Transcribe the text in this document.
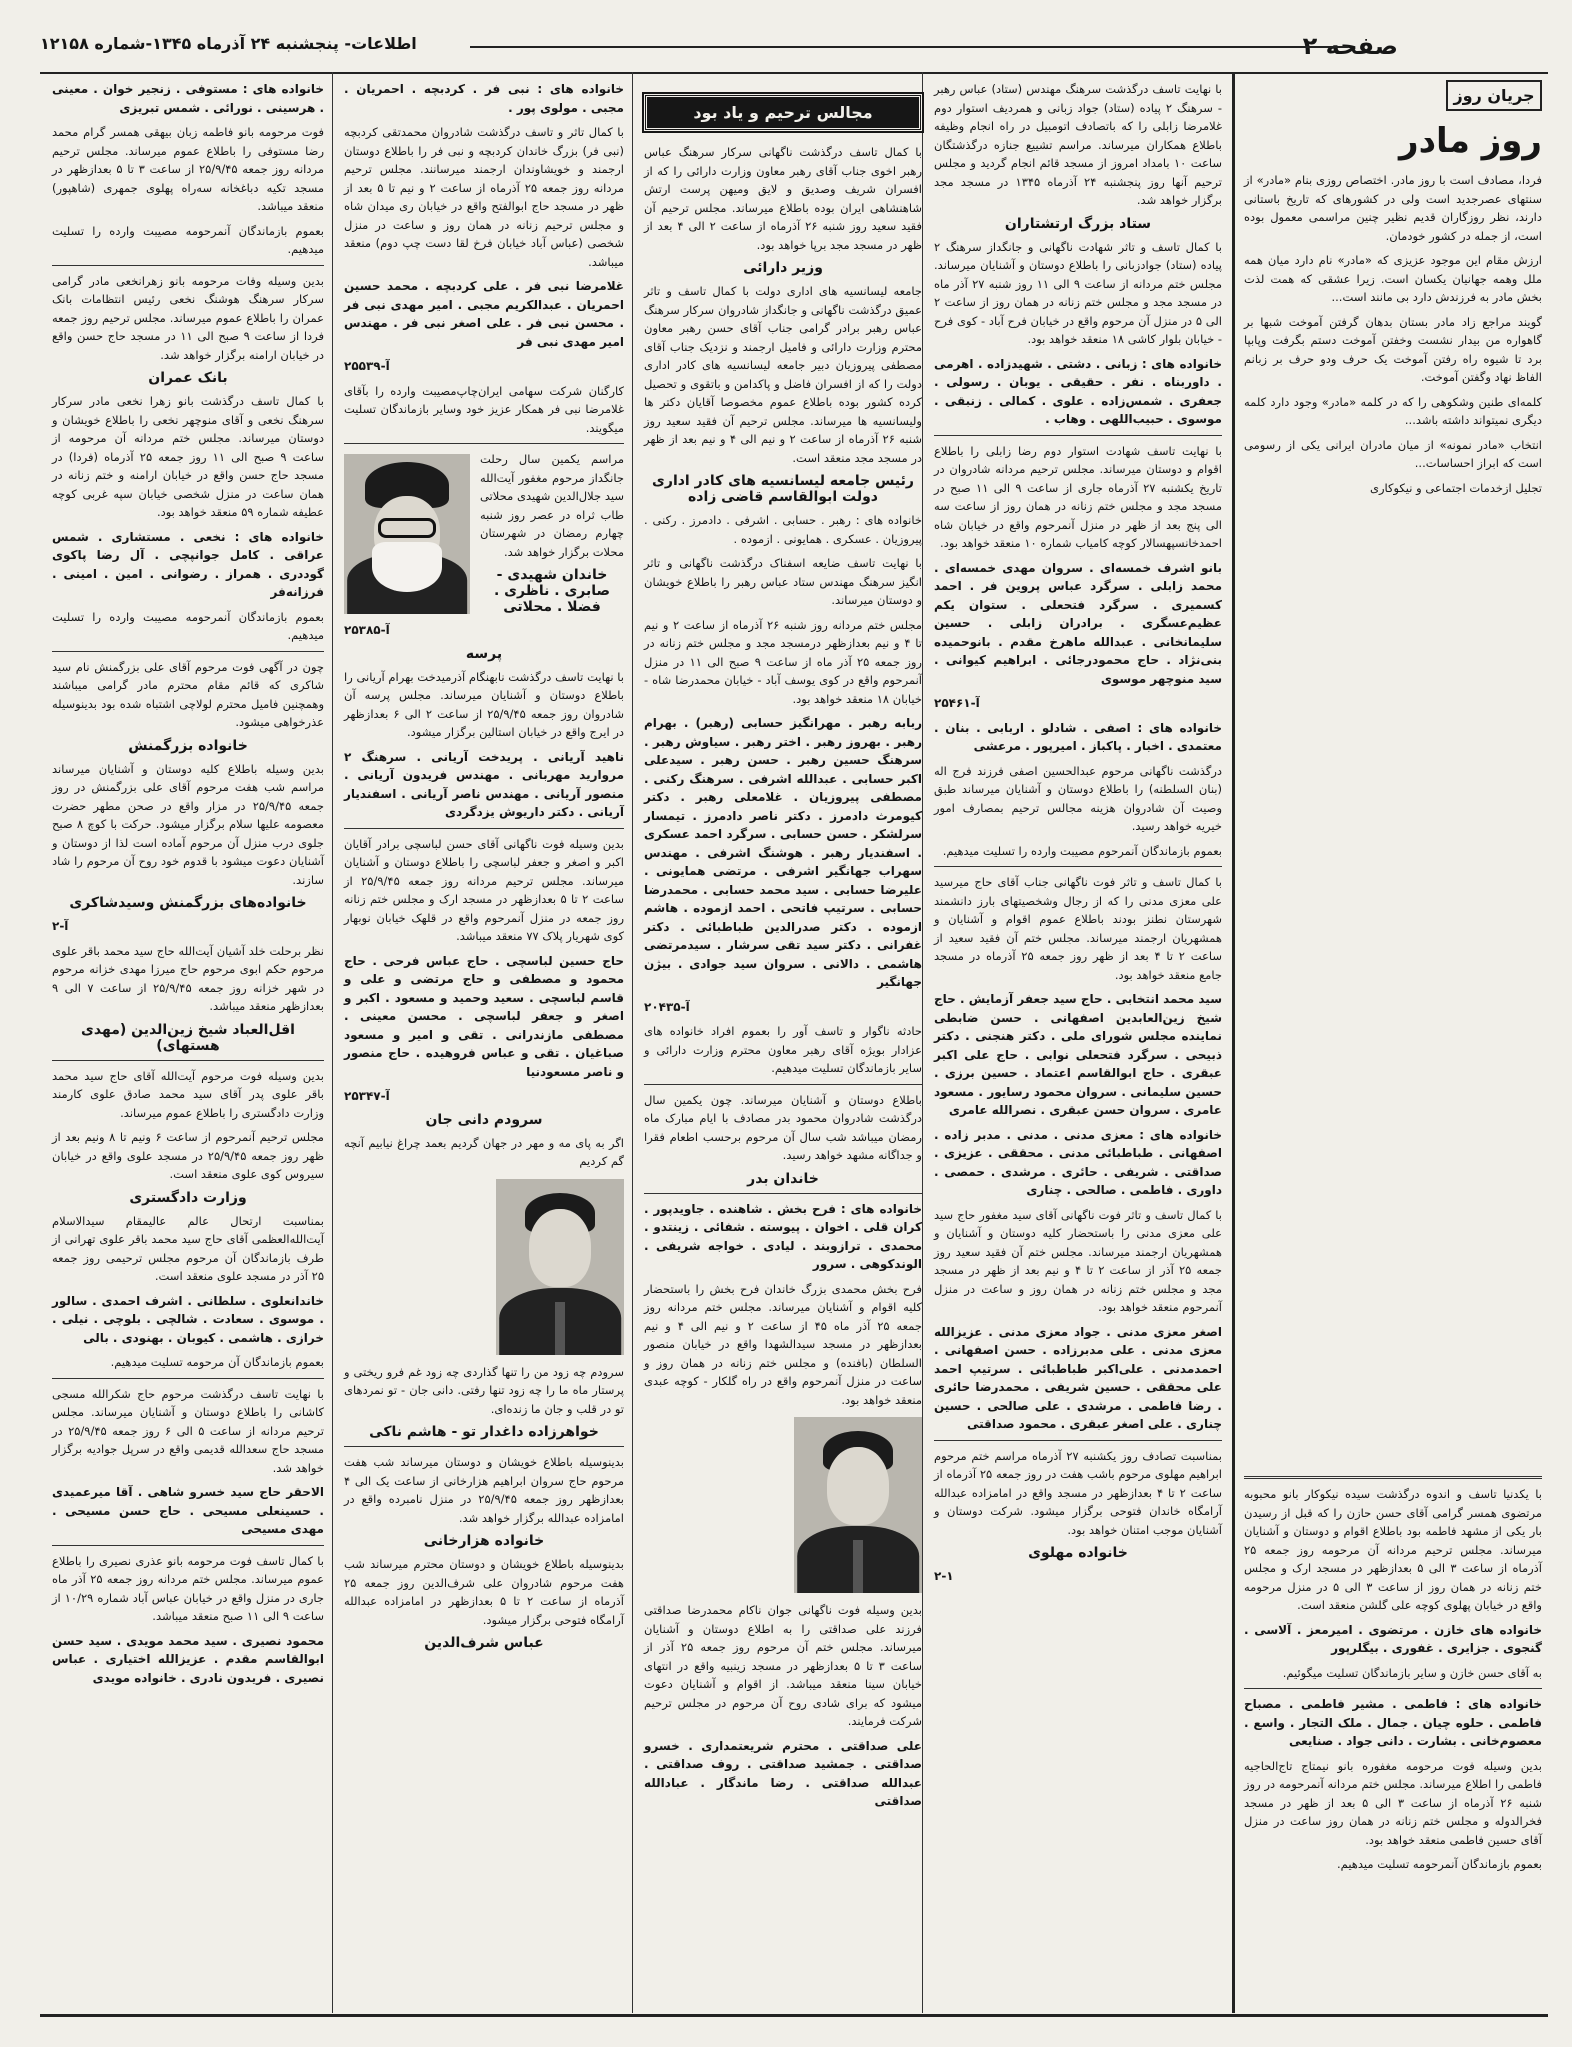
صفحه ۲
اطلاعات- پنجشنبه ۲۴ آذرماه ۱۳۴۵-شماره ۱۲۱۵۸
جریان روز
روز مادر

فردا، مصادف است با روز مادر. اختصاص روزی بنام «مادر» از سنتهای عصرجدید است ولی در کشورهای که تاریخ باستانی دارند، نظر روزگاران قدیم نظیر چنین مراسمی معمول بوده است، از جمله در کشور خودمان.

ارزش مقام این موجود عزیزی که «مادر» نام دارد میان همه ملل وهمه جهانیان یکسان است. زیرا عشقی که همت لذت بخش مادر به فرزندش دارد بی مانند است...

گویند مراجع زاد مادر بستان بدهان گرفتن آموخت شبها بر گاهواره من بیدار نشست وخفتن آموخت دستم بگرفت وپابپا برد تا شیوه راه رفتن آموخت یک حرف ودو حرف بر زبانم الفاظ نهاد وگفتن آموخت.

کلمه‌ای طنین وشکوهی را که در کلمه «مادر» وجود دارد کلمه دیگری نمیتواند داشته باشد...

انتخاب «مادر نمونه» از میان مادران ایرانی یکی از رسومی است که ابراز احساسات...

تجلیل ازخدمات اجتماعی و نیکوکاری

با یکدنیا تاسف و اندوه درگذشت سیده نیکوکار بانو محبوبه مرتضوی همسر گرامی آقای حسن حازن را که قبل از رسیدن بار یکی از مشهد فاطمه بود باطلاع اقوام و دوستان و آشنایان میرساند. مجلس ترحیم مردانه آن مرحومه روز جمعه ۲۵ آذرماه از ساعت ۳ الی ۵ بعدازظهر در مسجد ارک و مجلس ختم زنانه در همان روز از ساعت ۳ الی ۵ در منزل مرحومه واقع در خیابان پهلوی کوچه علی گلشن منعقد است.

خانواده های خازن . مرتضوی . امیرمعز . آلاسی . گنجوی . جزایری . غفوری . بیگلرپور

به آقای حسن خازن و سایر بازماندگان تسلیت میگوئیم.

خانواده های : فاطمی . مشیر فاطمی . مصباح فاطمی . حلوه چیان . جمال . ملک التجار . واسع . معصوم‌خانی . بشارت . دانی جواد . صنایعی

بدین وسیله فوت مرحومه مغفوره بانو نیمتاج تاج‌الحاجیه فاطمی را اطلاع میرساند. مجلس ختم مردانه آنمرحومه در روز شنبه ۲۶ آذرماه از ساعت ۳ الی ۵ بعد از ظهر در مسجد فخرالدوله و مجلس ختم زنانه در همان روز ساعت در منزل آقای حسین فاطمی منعقد خواهد بود.

بعموم بازماندگان آنمرحومه تسلیت میدهیم.

با نهایت تاسف درگذشت سرهنگ مهندس (ستاد) عباس رهبر - سرهنگ ۲ پیاده (ستاد) جواد زبانی و همردیف استوار دوم غلامرضا زابلی را که باتصادف اتومبیل در راه انجام وظیفه باطلاع همکاران میرساند. مراسم تشییع جنازه درگذشتگان ساعت ۱۰ بامداد امروز از مسجد قائم انجام گردید و مجلس ترحیم آنها روز پنجشنبه ۲۴ آذرماه ۱۳۴۵ در مسجد مجد برگزار خواهد شد.

ستاد بزرگ ارتشتاران

با کمال تاسف و تاثر شهادت ناگهانی و جانگداز سرهنگ ۲ پیاده (ستاد) جوادزبانی را باطلاع دوستان و آشنایان میرساند. مجلس ختم مردانه از ساعت ۹ الی ۱۱ روز شنبه ۲۷ آذر ماه در مسجد مجد و مجلس ختم زنانه در همان روز از ساعت ۲ الی ۵ در منزل آن مرحوم واقع در خیابان فرح آباد - کوی فرح - خیابان بلوار کاشی ۱۸ منعقد خواهد بود.

خانواده های : زبانی . دشتی . شهیدزاده . اهرمی . داوربناه . نفر . حقیقی . یوبان . رسولی . جعفری . شمس‌زاده . علوی . کمالی . زنبقی . موسوی . حبیب‌اللهی . وهاب .

با نهایت تاسف شهادت استوار دوم رضا زابلی را باطلاع اقوام و دوستان میرساند. مجلس ترحیم مردانه شادروان در تاریخ یکشنبه ۲۷ آذرماه جاری از ساعت ۹ الی ۱۱ صبح در مسجد مجد و مجلس ختم زنانه در همان روز از ساعت سه الی پنج بعد از ظهر در منزل آنمرحوم واقع در خیابان شاه احمدخانسپهسالار کوچه کامیاب شماره ۱۰ منعقد خواهد بود.

بانو اشرف خمسه‌ای . سروان مهدی خمسه‌ای . محمد زابلی . سرگرد عباس پروین فر . احمد کسمیری . سرگرد فتحعلی . ستوان یکم عظیم‌عسگری . برادران زابلی . حسین سلیمانخانی . عبدالله ماهرخ مقدم . بانوحمیده بنی‌نژاد . حاج محمودرجائی . ابراهیم کیوانی . سید منوچهر موسوی

آ-۲۵۴۶۱

خانواده های : اصفی . شادلو . اربابی . بنان . معتمدی . اخبار . پاکباز . امیرپور . مرعشی

درگذشت ناگهانی مرحوم عبدالحسین اصفی فرزند فرج اله (بنان السلطنه) را باطلاع دوستان و آشنایان میرساند طبق وصیت آن شادروان هزینه مجالس ترحیم بمصارف امور خیریه خواهد رسید.

بعموم بازماندگان آنمرحوم مصیبت وارده را تسلیت میدهیم.

با کمال تاسف و تاثر فوت ناگهانی جناب آقای حاج میرسید علی معزی مدنی را که از رجال وشخصیتهای بارز دانشمند شهرستان نطنز بودند باطلاع عموم اقوام و آشنایان و همشهریان ارجمند میرساند. مجلس ختم آن فقید سعید از ساعت ۲ تا ۴ بعد از ظهر روز جمعه ۲۵ آذرماه در مسجد جامع منعقد خواهد بود.

سید محمد انتخابی . حاج سید جعفر آزمایش . حاج شیخ زین‌العابدین اصفهانی . حسن ضابطی نماینده مجلس شورای ملی . دکتر هنجنی . دکتر ذبیحی . سرگرد فتحعلی نوابی . حاج علی اکبر عبقری . حاج ابوالقاسم اعتماد . حسین برزی . حسین سلیمانی . سروان محمود رسایور . مسعود عامری . سروان حسن عبقری . نصرالله عامری

خانواده های : معزی مدنی . مدنی . مدبر زاده . اصفهانی . طباطبائی مدنی . محققی . عزیزی . صداقتی . شریفی . حائری . مرشدی . حمصی . داوری . فاطمی . صالحی . چناری

با کمال تاسف و تاثر فوت ناگهانی آقای سید مغفور حاج سید علی معزی مدنی را باستحضار کلیه دوستان و آشنایان و همشهریان ارجمند میرساند. مجلس ختم آن فقید سعید روز جمعه ۲۵ آذر از ساعت ۲ تا ۴ و نیم بعد از ظهر در مسجد مجد و مجلس ختم زنانه در همان روز و ساعت در منزل آنمرحوم منعقد خواهد بود.

اصغر معزی مدنی . جواد معزی مدنی . عزیزالله معزی مدنی . علی مدبرزاده . حسن اصفهانی . احمدمدنی . علی‌اکبر طباطبائی . سرتیپ احمد علی محققی . حسین شریفی . محمدرضا حائری . رضا فاطمی . مرشدی . علی صالحی . حسین چناری . علی اصغر عبقری . محمود صداقتی

بمناسبت تصادف روز یکشنبه ۲۷ آذرماه مراسم ختم مرحوم ابراهیم مهلوی مرحوم باشب هفت در روز جمعه ۲۵ آذرماه از ساعت ۲ تا ۴ بعدازظهر در مسجد واقع در امامزاده عبدالله آرامگاه خاندان فتوحی برگزار میشود. شرکت دوستان و آشنایان موجب امتنان خواهد بود.

خانواده مهلوی

۲-۱

مجالس ترحیم و یاد بود

با کمال تاسف درگذشت ناگهانی سرکار سرهنگ عباس رهبر اخوی جناب آقای رهبر معاون وزارت دارائی را که از افسران شریف وصدیق و لایق ومیهن پرست ارتش شاهنشاهی ایران بوده باطلاع میرساند. مجلس ترحیم آن فقید سعید روز شنبه ۲۶ آذرماه از ساعت ۲ الی ۴ بعد از ظهر در مسجد مجد برپا خواهد بود.

وزیر دارائی

جامعه لیسانسیه های اداری دولت با کمال تاسف و تاثر عمیق درگذشت ناگهانی و جانگداز شادروان سرکار سرهنگ عباس رهبر برادر گرامی جناب آقای حسن رهبر معاون محترم وزارت دارائی و فامیل ارجمند و نزدیک جناب آقای مصطفی پیروزیان دبیر جامعه لیسانسیه های کادر اداری دولت را که از افسران فاضل و پاکدامن و باتقوی و تحصیل کرده کشور بوده باطلاع عموم مخصوصا آقایان دکتر ها ولیسانسیه ها میرساند. مجلس ترحیم آن فقید سعید روز شنبه ۲۶ آذرماه از ساعت ۲ و نیم الی ۴ و نیم بعد از ظهر در مسجد مجد منعقد است.

رئیس جامعه لیسانسیه های کادر اداری دولت ابوالقاسم قاضی زاده

خانواده های : رهبر . حسابی . اشرفی . دادمرز . رکنی . پیروزیان . عسکری . همایونی . ازموده .

با نهایت تاسف ضایعه اسفناک درگذشت ناگهانی و تاثر انگیز سرهنگ مهندس ستاد عباس رهبر را باطلاع خویشان و دوستان میرساند.

مجلس ختم مردانه روز شنبه ۲۶ آذرماه از ساعت ۲ و نیم تا ۴ و نیم بعدازظهر درمسجد مجد و مجلس ختم زنانه در روز جمعه ۲۵ آذر ماه از ساعت ۹ صبح الی ۱۱ در منزل آنمرحوم واقع در کوی یوسف آباد - خیابان محمدرضا شاه - خیابان ۱۸ منعقد خواهد بود.

ربابه رهبر . مهرانگیز حسابی (رهبر) . بهرام رهبر . بهروز رهبر . اختر رهبر . سیاوش رهبر . سرهنگ حسین رهبر . حسن رهبر . سیدعلی اکبر حسابی . عبدالله اشرفی . سرهنگ رکنی . مصطفی پیروزیان . غلامعلی رهبر . دکتر کیومرث دادمرز . دکتر ناصر دادمرز . تیمسار سرلشکر . حسن حسابی . سرگرد احمد عسکری . اسفندیار رهبر . هوشنگ اشرفی . مهندس سهراب جهانگیر اشرفی . مرتضی همایونی . علیرضا حسابی . سید محمد حسابی . محمدرضا حسابی . سرتیپ فاتحی . احمد ازموده . هاشم ازموده . دکتر صدرالدین طباطبائی . دکتر غفرانی . دکتر سید تقی سرشار . سیدمرتضی هاشمی . دالانی . سروان سید جوادی . بیژن جهانگیر

آ-۲۰۴۳۵

حادثه ناگوار و تاسف آور را بعموم افراد خانواده های عزادار بویژه آقای رهبر معاون محترم وزارت دارائی و سایر بازماندگان تسلیت میدهیم.

باطلاع دوستان و آشنایان میرساند. چون یکمین سال درگذشت شادروان محمود بدر مصادف با ایام مبارک ماه رمضان میباشد شب سال آن مرحوم برحسب اطعام فقرا و جداگانه مشهد خواهد رسید.

خاندان بدر

خانواده های : فرح بخش . شاهنده . جاویدپور . کران قلی . اخوان . پیوسته . شفائی . زینتدو . محمدی . ترازوبند . لیادی . خواجه شریفی . الوندکوهی . سرور

فرح بخش محمدی بزرگ خاندان فرح بخش را باستحضار کلیه اقوام و آشنایان میرساند. مجلس ختم مردانه روز جمعه ۲۵ آذر ماه ۴۵ از ساعت ۲ و نیم الی ۴ و نیم بعدازظهر در مسجد سیدالشهدا واقع در خیابان منصور السلطان (بافنده) و مجلس ختم زنانه در همان روز و ساعت در منزل آنمرحوم واقع در راه گلکار - کوچه عبدی منعقد خواهد بود.

بدین وسیله فوت ناگهانی جوان ناکام محمدرضا صداقتی فرزند علی صداقتی را به اطلاع دوستان و آشنایان میرساند. مجلس ختم آن مرحوم روز جمعه ۲۵ آذر از ساعت ۳ تا ۵ بعدازظهر در مسجد زینبیه واقع در انتهای خیابان سینا منعقد میباشد. از اقوام و آشنایان دعوت میشود که برای شادی روح آن مرحوم در مجلس ترحیم شرکت فرمایند.

علی صداقتی . محترم شریعتمداری . خسرو صداقتی . جمشید صداقتی . روف صداقتی . عبدالله صداقتی . رضا ماندگار . عبادالله صداقتی

خانواده های : نبی فر . کردبچه . احمریان . مجبی . مولوی پور .

با کمال تاثر و تاسف درگذشت شادروان محمدتقی کردبچه (نبی فر) بزرگ خاندان کردبچه و نبی فر را باطلاع دوستان ارجمند و خویشاوندان ارجمند میرسانند. مجلس ترحیم مردانه روز جمعه ۲۵ آذرماه از ساعت ۲ و نیم تا ۵ بعد از ظهر در مسجد حاج ابوالفتح واقع در خیابان ری میدان شاه و مجلس ترحیم زنانه در همان روز و ساعت در منزل شخصی (عباس آباد خیابان فرخ لقا دست چپ دوم) منعقد میباشد.

غلامرضا نبی فر . علی کردبچه . محمد حسین احمریان . عبدالکریم مجبی . امیر مهدی نبی فر . محسن نبی فر . علی اصغر نبی فر . مهندس امیر مهدی نبی فر

آ-۲۵۵۳۹

کارگنان شرکت سهامی ایران‌چاپ‌مصیبت وارده را بآقای غلامرضا نبی فر همکار عزیز خود وسایر بازماندگان تسلیت میگویند.

مراسم یکمین سال رحلت جانگداز مرحوم مغفور آیت‌الله سید جلال‌الدین شهیدی محلاتی طاب ثراه در عصر روز شنبه چهارم رمضان در شهرستان محلات برگزار خواهد شد.

خاندان شهیدی - صابری . ناظری . فضلا . محلاتی

آ-۲۵۳۸۵

پرسه

با نهایت تاسف درگذشت نابهنگام آذرمیدخت بهرام آریانی را باطلاع دوستان و آشنایان میرساند. مجلس پرسه آن شادروان روز جمعه ۲۵/۹/۴۵ از ساعت ۲ الی ۶ بعدازظهر در ایرج واقع در خیابان استالین برگزار میشود.

ناهید آریانی . پریدخت آریانی . سرهنگ ۲ مروارید مهربانی . مهندس فریدون آریانی . منصور آریانی . مهندس ناصر آریانی . اسفندیار آریانی . دکتر داریوش یزدگردی

بدین وسیله فوت ناگهانی آقای حسن لباسچی برادر آقایان اکبر و اصغر و جعفر لباسچی را باطلاع دوستان و آشنایان میرساند. مجلس ترحیم مردانه روز جمعه ۲۵/۹/۴۵ از ساعت ۲ تا ۵ بعدازظهر در مسجد ارک و مجلس ختم زنانه روز جمعه در منزل آنمرحوم واقع در قلهک خیابان نوبهار کوی شهریار پلاک ۷۷ منعقد میباشد.

حاج حسین لباسچی . حاج عباس فرحی . حاج محمود و مصطفی و حاج مرتضی و علی و قاسم لباسچی . سعید وحمید و مسعود . اکبر و اصغر و جعفر لباسچی . محسن معینی . مصطفی مازندرانی . تقی و امیر و مسعود صباغیان . تقی و عباس فروهیده . حاج منصور و ناصر مسعودنیا

آ-۲۵۳۴۷

سرودم دانی جان

اگر به پای مه و مهر در جهان گردیم بعمد چراغ نیابیم آنچه گم کردیم

سرودم چه زود من را تنها گذاردی چه زود غم فرو ریختی و پرستار ماه ما را چه زود تنها رفتی. دانی جان - تو نمردهای تو در قلب و جان ما زنده‌ای.

خواهرزاده داغدار تو - هاشم ناکی

بدینوسیله باطلاع خویشان و دوستان میرساند شب هفت مرحوم حاج سروان ابراهیم هزارخانی از ساعت یک الی ۴ بعدازظهر روز جمعه ۲۵/۹/۴۵ در منزل نامبرده واقع در امامزاده عبدالله برگزار خواهد شد.

خانواده هزارخانی

بدینوسیله باطلاع خویشان و دوستان محترم میرساند شب هفت مرحوم شادروان علی شرف‌الدین روز جمعه ۲۵ آذرماه از ساعت ۲ تا ۵ بعدازظهر در امامزاده عبدالله آرامگاه فتوحی برگزار میشود.

عباس شرف‌الدین

خانواده های : مستوفی . زنجیر خوان . معینی . هرسینی . نورائی . شمس تبریزی

فوت مرحومه بانو فاطمه زبان بیهقی همسر گرام محمد رضا مستوفی را باطلاع عموم میرساند. مجلس ترحیم مردانه روز جمعه ۲۵/۹/۴۵ از ساعت ۳ تا ۵ بعدازظهر در مسجد تکیه دباغخانه سه‌راه پهلوی جمهری (شاهپور) منعقد میباشد.

بعموم بازماندگان آنمرحومه مصیبت وارده را تسلیت میدهیم.

بدین وسیله وفات مرحومه بانو زهرانخعی مادر گرامی سرکار سرهنگ هوشنگ نخعی رئیس انتظامات بانک عمران را باطلاع عموم میرساند. مجلس ترحیم روز جمعه فردا از ساعت ۹ صبح الی ۱۱ در مسجد حاج حسن واقع در خیابان ارامنه برگزار خواهد شد.

بانک عمران

با کمال تاسف درگذشت بانو زهرا نخعی مادر سرکار سرهنگ نخعی و آقای منوچهر نخعی را باطلاع خویشان و دوستان میرساند. مجلس ختم مردانه آن مرحومه از ساعت ۹ صبح الی ۱۱ روز جمعه ۲۵ آذرماه (فردا) در مسجد حاج حسن واقع در خیابان ارامنه و ختم زنانه در همان ساعت در منزل شخصی خیابان سپه غربی کوچه عطیفه شماره ۵۹ منعقد خواهد بود.

خانواده های : نخعی . مستشاری . شمس عراقی . کامل جوانپچی . آل رضا پاکوی گوددری . همراز . رضوانی . امین . امینی . فرزانه‌فر

بعموم بازماندگان آنمرحومه مصیبت وارده را تسلیت میدهیم.

چون در آگهی فوت مرحوم آقای علی بزرگمنش نام سید شاکری که قائم مقام محترم مادر گرامی میباشند وهمچنین فامیل محترم لولاچی اشتباه شده بود بدینوسیله عذرخواهی میشود.

خانواده بزرگمنش

بدین وسیله باطلاع کلیه دوستان و آشنایان میرساند مراسم شب هفت مرحوم آقای علی بزرگمنش در روز جمعه ۲۵/۹/۴۵ در مزار واقع در صحن مطهر حضرت معصومه علیها سلام برگزار میشود. حرکت با کوچ ۸ صبح جلوی درب منزل آن مرحوم آماده است لذا از دوستان و آشنایان دعوت میشود با قدوم خود روح آن مرحوم را شاد سازند.

خانواده‌های بزرگمنش وسیدشاکری

آ-۲

نظر برحلت خلد آشیان آیت‌الله حاج سید محمد باقر علوی مرحوم حکم ابوی مرحوم حاج میرزا مهدی خزانه مرحوم در شهر خزانه روز جمعه ۲۵/۹/۴۵ از ساعت ۷ الی ۹ بعدازظهر منعقد میباشد.

اقل‌العباد شیخ زین‌الدین (مهدی هستهای)

بدین وسیله فوت مرحوم آیت‌الله آقای حاج سید محمد باقر علوی پدر آقای سید محمد صادق علوی کارمند وزارت دادگستری را باطلاع عموم میرساند.

مجلس ترحیم آنمرحوم از ساعت ۶ ونیم تا ۸ ونیم بعد از ظهر روز جمعه ۲۵/۹/۴۵ در مسجد علوی واقع در خیابان سیروس کوی علوی منعقد است.

وزارت دادگستری

بمناسبت ارتحال عالم عالیمقام سیدالاسلام آیت‌الله‌العظمی آقای حاج سید محمد باقر علوی تهرانی از طرف بازماندگان آن مرحوم مجلس ترحیمی روز جمعه ۲۵ آذر در مسجد علوی منعقد است.

خاندانعلوی . سلطانی . اشرف احمدی . سالور . موسوی . سعادت . شالچی . بلوچی . نیلی . خرازی . هاشمی . کیوبان . بهنودی . بالی

بعموم بازماندگان آن مرحومه تسلیت میدهیم.

با نهایت تاسف درگذشت مرحوم حاج شکرالله مسجی کاشانی را باطلاع دوستان و آشنایان میرساند. مجلس ترحیم مردانه از ساعت ۵ الی ۶ روز جمعه ۲۵/۹/۴۵ در مسجد حاج سعدالله قدیمی واقع در سرپل جوادیه برگزار خواهد شد.

الاحقر حاج سید خسرو شاهی . آقا میرعمیدی . حسینعلی مسیحی . حاج حسن مسیحی . مهدی مسیحی

با کمال تاسف فوت مرحومه بانو عذری نصیری را باطلاع عموم میرساند. مجلس ختم مردانه روز جمعه ۲۵ آذر ماه جاری در منزل واقع در خیابان عباس آباد شماره ۱۰/۲۹ از ساعت ۹ الی ۱۱ صبح منعقد میباشد.

محمود نصیری . سید محمد مویدی . سید حسن ابوالقاسم مقدم . عزیزالله اختیاری . عباس نصیری . فریدون نادری . خانواده مویدی
